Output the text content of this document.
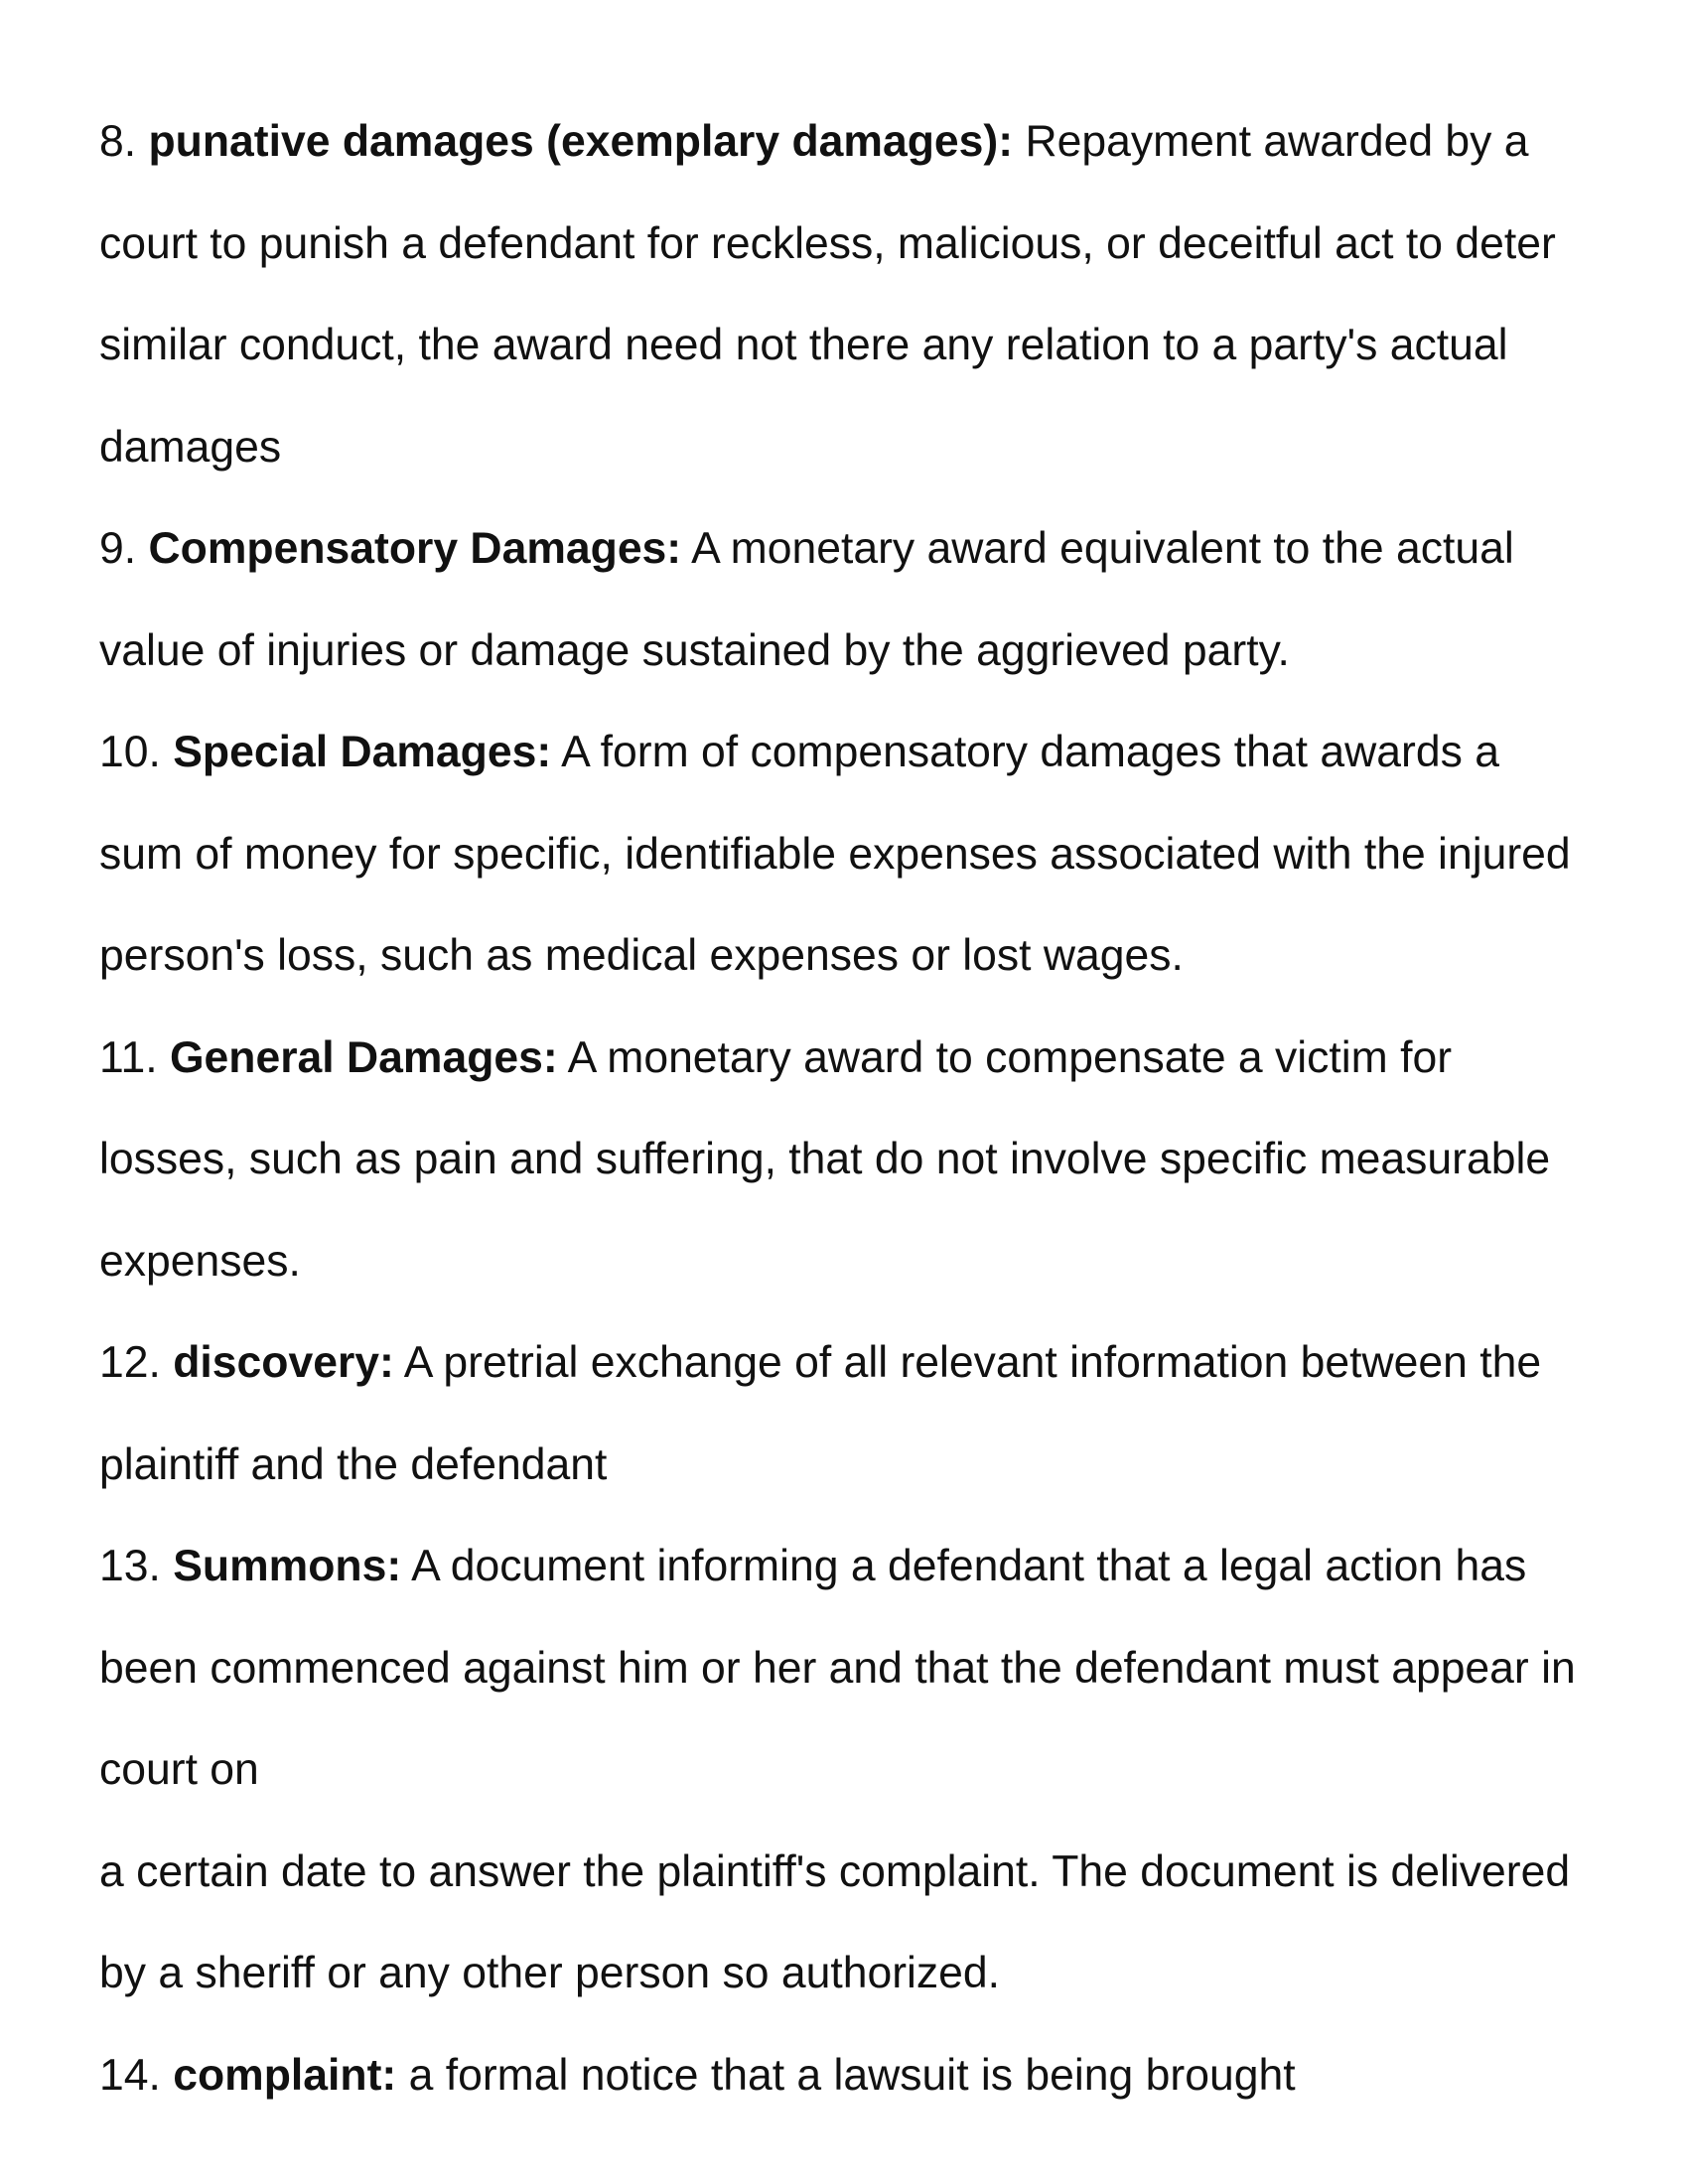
8. punative damages (exemplary damages): Repayment awarded by a
court to punish a defendant for reckless, malicious, or deceitful act to deter
similar conduct, the award need not there any relation to a party's actual
damages
9. Compensatory Damages: A monetary award equivalent to the actual
value of injuries or damage sustained by the aggrieved party.
10. Special Damages: A form of compensatory damages that awards a
sum of money for specific, identifiable expenses associated with the injured
person's loss, such as medical expenses or lost wages.
11. General Damages: A monetary award to compensate a victim for
losses, such as pain and suffering, that do not involve specific measurable
expenses.
12. discovery: A pretrial exchange of all relevant information between the
plaintiff and the defendant
13. Summons: A document informing a defendant that a legal action has
been commenced against him or her and that the defendant must appear in
court on
a certain date to answer the plaintiff's complaint. The document is delivered
by a sheriff or any other person so authorized.
14. complaint: a formal notice that a lawsuit is being brought
